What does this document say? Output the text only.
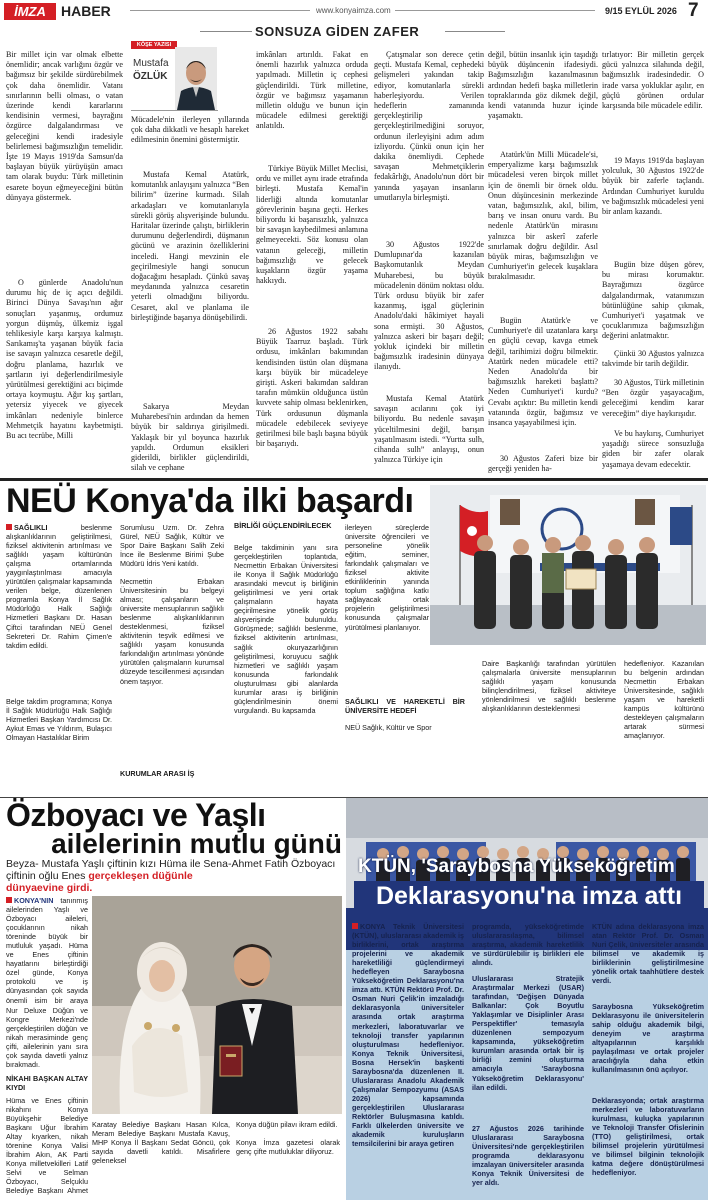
İMZA	HABER	www.konyaimza.com	9/15 EYLÜL 2026 7
SONSUZA GİDEN ZAFER
KÖŞE YAZISI
Mustafa
ÖZLÜK
Bir millet için var olmak elbette önemlidir; ancak varlığını özgür ve bağımsız bir şekilde sürdürebilmek çok daha önemlidir. Vatanı sınırlarının belli olması, o vatan üzerinde kendi kararlarını kendisinin vermesi, bayrağını özgürce dalgalandırması ve geleceğini kendi iradesiyle belirlemesi bağımsızlığın temelidir. İşte 19 Mayıs 1919'da Samsun'da başlayan büyük yürüyüşün amacı tam olarak buydu: Türk milletinin esarete boyun eğmeyeceğini bütün dünyaya göstermek.
O günlerde Anadolu'nun durumu hiç de iç açıcı değildi. Birinci Dünya Savaşı'nın ağır sonuçları yaşanmış, ordumuz yorgun düşmüş, ülkemiz işgal tehlikesiyle karşı karşıya kalmıştı. Sarıkamış'ta yaşanan büyük facia ise savaşın yalnızca cesaretle değil, doğru planlama, hazırlık ve şartların iyi değerlendirilmesiyle yürütülmesi gerektiğini acı biçimde ortaya koymuştu. Ağır kış şartları, yetersiz yiyecek ve giyecek imkânları nedeniyle binlerce Mehmetçik hayatını kaybetmişti. Bu acı tecrübe, Milli
Mücadele'nin ilerleyen yıllarında çok daha dikkatli ve hesaplı hareket edilmesinin önemini göstermiştir.
Mustafa Kemal Atatürk, komutanlık anlayışını yalnızca “Ben bilirim” üzerine kurmadı. Silah arkadaşları ve komutanlarıyla sürekli görüş alışverişinde bulundu. Haritalar üzerinde çalıştı, birliklerin durumunu değerlendirdi, düşmanın gücünü ve arazinin özelliklerini inceledi. Hangi mevzinin ele geçirilmesiyle hangi sonucun doğacağını hesapladı. Çünkü savaş meydanında yalnızca cesaretin yeterli olmadığını biliyordu. Cesaret, akıl ve planlama ile birleştiğinde başarıya dönüşebilirdi.
Sakarya Meydan Muharebesi'nin ardından da hemen büyük bir saldırıya girişilmedi. Yaklaşık bir yıl boyunca hazırlık yapıldı. Ordumun eksikleri giderildi, birlikler güçlendirildi, silah ve cephane
imkânları artırıldı. Fakat en önemli hazırlık yalnızca orduda yapılmadı. Milletin iç cephesi güçlendirildi. Türk milletine, özgür ve bağımsız yaşamanın milletin olduğu ve bunun için mücadele edilmesi gerektiği anlatıldı.
Türkiye Büyük Millet Meclisi, ordu ve millet aynı irade etrafında birleşti. Mustafa Kemal'in liderliği altında komutanlar görevlerinin başına geçti. Herkes biliyordu ki başarısızlık, yalnızca bir savaşın kaybedilmesi anlamına gelmeyecekti. Söz konusu olan vatanın geleceği, milletin bağımsızlığı ve gelecek kuşakların özgür yaşama hakkıydı.
26 Ağustos 1922 sabahı Büyük Taarruz başladı. Türk ordusu, imkânları bakımından kendisinden üstün olan düşmana karşı büyük bir mücadeleye girişti. Askeri bakımdan saldıran tarafın mümkün olduğunca üstün kuvvete sahip olması beklenirken, Türk ordusunun düşmanla mücadele edebilecek seviyeye getirilmesi bile başlı başına büyük bir başarıydı.
Çatışmalar son derece çetin geçti. Mustafa Kemal, cephedeki gelişmeleri yakından takip ediyor, komutanlarla sürekli haberleşiyordu. Verilen hedeflerin zamanında gerçekleştirilip gerçekleştirilmediğini soruyor, ordunun ilerleyişini adım adım izliyordu. Çünkü onun için her dakika önemliydi. Cephede savaşan Mehmetçiklerin fedakârlığı, Anadolu'nun dört bir yanında yaşayan insanların umutlarıyla birleşmişti.
30 Ağustos 1922'de Dumlupınar'da kazanılan Başkomutanlık Meydan Muharebesi, bu büyük mücadelenin dönüm noktası oldu. Türk ordusu büyük bir zafer kazanmış, işgal güçlerinin Anadolu'daki hâkimiyet hayali sona ermişti. 30 Ağustos, yalnızca askeri bir başarı değil; yokluk içindeki bir milletin bağımsızlık iradesinin dünyaya ilanıydı.
Mustafa Kemal Atatürk savaşın acılarını çok iyi biliyordu. Bu nedenle savaşın yüceltilmesini değil, barışın yaşatılmasını istedi. “Yurtta sulh, cihanda sulh” anlayışı, onun yalnızca Türkiye için
değil, bütün insanlık için taşıdığı büyük düşüncenin ifadesiydi. Bağımsızlığın kazanılmasının ardından hedefi başka milletlerin topraklarında göz dikmek değil, kendi vatanında huzur içinde yaşamaktı.
Atatürk'ün Milli Mücadele'si, emperyalizme karşı bağımsızlık mücadelesi veren birçok millet için de önemli bir örnek oldu. Onun düşüncesinin merkezinde vatan, bağımsızlık, akıl, bilim, barış ve insan onuru vardı. Bu nedenle Atatürk'ün mirasını yalnızca bir askerî zaferle sınırlamak doğru değildir. Asıl büyük miras, bağımsızlığın ve Cumhuriyet'in gelecek kuşaklara bırakılmasıdır.
Bugün Atatürk'e ve Cumhuriyet'e dil uzatanlara karşı en güçlü cevap, kavga etmek değil, tarihimizi doğru bilmektir. Atatürk neden mücadele etti? Neden Anadolu'da bir bağımsızlık hareketi başlattı? Neden Cumhuriyet'i kurdu? Cevabı açıktır: Bu milletin kendi vatanında özgür, bağımsız ve insanca yaşayabilmesi için.
30 Ağustos Zaferi bize bir gerçeği yeniden ha-
tırlatıyor: Bir milletin gerçek gücü yalnızca silahında değil, bağımsızlık iradesindedir. O irade varsa yokluklar aşılır, en güçlü görünen ordular karşısında bile mücadele edilir.
19 Mayıs 1919'da başlayan yolculuk, 30 Ağustos 1922'de büyük bir zaferle taçlandı. Ardından Cumhuriyet kuruldu ve bağımsızlık mücadelesi yeni bir anlam kazandı.
Bugün bize düşen görev, bu mirası korumaktır. Bayrağımızı özgürce dalgalandırmak, vatanımızın bütünlüğüne sahip çıkmak, Cumhuriyet'i yaşatmak ve çocuklarımıza bağımsızlığın değerini anlatmaktır.
Çünkü 30 Ağustos yalnızca takvimde bir tarih değildir.
30 Ağustos, Türk milletinin “Ben özgür yaşayacağım, geleceğimi kendim karar vereceğim” diye haykırışıdır.
Ve bu haykırış, Cumhuriyet yaşadığı sürece sonsuzluğa giden bir zafer olarak yaşamaya devam edecektir.
NEÜ Konya'da ilki başardı
SAĞLIKLI	beslenme alışkanlıklarının geliştirilmesi, fiziksel aktivitenin artırılması ve sağlıklı yaşam kültürünün çalışma ortamlarında yaygınlaştırılması amacıyla yürütülen çalışmalar kapsamında verilen belge, düzenlenen programla Konya İl Sağlık Müdürlüğü Halk Sağlığı Hizmetleri Başkanı Dr. Hasan Çiftci tarafından NEÜ Genel Sekreteri Dr. Rahim Çimen'e takdim edildi.
Belge takdim programına; Konya İl Sağlık Müdürlüğü Halk Sağlığı Hizmetleri Başkan Yardımcısı Dr. Aykut Emas ve Yıldırım, Bulaşıcı Olmayan Hastalıklar Birim
Sorumlusu Uzm. Dr. Zehra Gürel, NEÜ Sağlık, Kültür ve Spor Daire Başkanı Salih Zeki İnce ile Beslenme Birimi Şube Müdürü İdris Yeni katıldı.
Necmettin Erbakan Üniversitesinin bu belgeyi alması; çalışanların ve üniversite mensuplarının sağlıklı beslenme alışkanlıklarının desteklenmesi, fiziksel aktivitenin teşvik edilmesi ve sağlıklı yaşam konusunda farkındalığın artırılması yönünde yürütülen çalışmaların kurumsal düzeyde tescillenmesi açısından önem taşıyor.
KURUMLAR ARASI İŞ
BİRLİĞİ GÜÇLENDİRİLECEK
Belge takdiminin yanı sıra gerçekleştirilen toplantıda, Necmettin Erbakan Üniversitesi ile Konya İl Sağlık Müdürlüğü arasındaki mevcut iş birliğinin geliştirilmesi ve yeni ortak çalışmaların hayata geçirilmesine yönelik görüş alışverişinde bulunuldu. Görüşmede; sağlıklı beslenme, fiziksel aktivitenin artırılması, sağlık okuryazarlığının geliştirilmesi, koruyucu sağlık hizmetleri ve sağlıklı yaşam konusunda farkındalık oluşturulması gibi alanlarda kurumlar arası iş birliğinin güçlendirilmesinin önemi vurgulandı. Bu kapsamda
ilerleyen süreçlerde üniversite öğrencileri ve personeline yönelik eğitim, seminer, farkındalık çalışmaları ve fiziksel aktivite etkinliklerinin yanında toplum sağlığına katkı sağlayacak ortak projelerin geliştirilmesi konusunda çalışmalar yürütülmesi planlanıyor.
SAĞLIKLI VE HAREKETLİ BİR ÜNİVERSİTE HEDEFİ
NEÜ Sağlık, Kültür ve Spor
Daire Başkanlığı tarafından yürütülen çalışmalarla üniversite mensuplarının sağlıklı yaşam konusunda bilinçlendirilmesi, fiziksel aktiviteye yönlendirilmesi ve sağlıklı beslenme alışkanlıklarının desteklenmesi
hedefleniyor. Kazanılan bu belgenin ardından Necmettin Erbakan Üniversitesinde, sağlıklı yaşam ve hareketli kampüs kültürünü destekleyen çalışmaların artarak sürmesi amaçlanıyor.
Özboyacı ve Yaşlı
ailelerinin mutlu günü
Beyza- Mustafa Yaşlı çiftinin kızı Hüma ile Sena-Ahmet Fatih Özboyacı çiftinin oğlu Enes gerçekleşen düğünle
dünyaevine girdi.
KONYA'NIN tanınmış ailelerinden Yaşlı ve Özboyacı aileleri, çocuklarının nikah töreninde büyük bir mutluluk yaşadı. Hüma ve Enes çiftinin hayatlarını birleştirdiği özel günde, Konya protokolü ve iş dünyasından çok sayıda önemli isim bir araya
Nur Deluxe Düğün ve Kongre Merkezi'nde gerçekleştirilen düğün ve nikah merasiminde genç çifti, ailelerinin yanı sıra çok sayıda davetli yalnız bırakmadı.
NİKAHI BAŞKAN ALTAY KIYDI
Hüma ve Enes çiftinin nikahını Konya Büyükşehir Belediye Başkanı Uğur İbrahim Altay kıyarken, nikah törenine Konya Valisi İbrahim Akın, AK Parti Konya milletvekilleri Latif Selvi ve Selman Özboyacı, Selçuklu Belediye Başkanı Ahmet
Karatay Belediye Başkanı Hasan Kılca, Meram Belediye Başkanı Mustafa Kavuş, MHP Konya İl Başkanı Sedat Göncü, çok sayıda davetli katıldı. Misafirlere geleneksel
Konya düğün pilavı ikram edildi.

Konya İmza gazetesi olarak genç çifte mutluluklar diliyoruz.
KTÜN, 'Saraybosna Yükseköğretim
Deklarasyonu'na imza attı
KONYA Teknik Üniversitesi (KTÜN), uluslararası akademik iş birliklerini, ortak araştırma projelerini ve akademik hareketliliği güçlendirmeyi hedefleyen Saraybosna Yükseköğretim Deklarasyonu'na imza attı. KTÜN Rektörü Prof. Dr. Osman Nuri Çelik'in imzaladığı deklarasyonla üniversiteler arasında ortak araştırma merkezleri, laboratuvarlar ve teknoloji transfer yapılarının oluşturulması hedefleniyor. Konya Teknik Üniversitesi, Bosna Hersek'in başkenti Saraybosna'da düzenlenen II. Uluslararası Anadolu Akademik Çalışmalar Sempozyumu (ASAS 2026) kapsamında gerçekleştirilen Uluslararası Rektörler Buluşmasına katıldı. Farklı ülkelerden üniversite ve akademik kuruluşların temsilcilerini bir araya getiren
programda, yükseköğretimde uluslararasılaşma, bilimsel araştırma, akademik hareketlilik ve sürdürülebilir iş birlikleri ele alındı.
Uluslararası Stratejik Araştırmalar Merkezi (USAR) tarafından, 'Değişen Dünyada Balkanlar: Çok Boyutlu Yaklaşımlar ve Disiplinler Arası Perspektifler' temasıyla düzenlenen sempozyum kapsamında, yükseköğretim kurumları arasında ortak bir iş birliği zemini oluşturma amacıyla 'Saraybosna Yükseköğretim Deklarasyonu' ilan edildi.
27 Ağustos 2026 tarihinde Uluslararası Saraybosna Üniversitesi'nde gerçekleştirilen programda deklarasyonu imzalayan üniversiteler arasında Konya Teknik Üniversitesi de yer aldı.
KTÜN adına deklarasyona imza atan Rektör Prof. Dr. Osman Nuri Çelik, üniversiteler arasında bilimsel ve akademik iş birliklerinin geliştirilmesine yönelik ortak taahhütlere destek verdi.
Saraybosna Yükseköğretim Deklarasyonu ile üniversitelerin sahip olduğu akademik bilgi, deneyim ve araştırma altyapılarının karşılıklı paylaşılması ve ortak projeler aracılığıyla daha etkin kullanılmasının önü açılıyor.
Deklarasyonda; ortak araştırma merkezleri ve laboratuvarların kurulması, kuluçka yapılarının ve Teknoloji Transfer Ofislerinin (TTO) geliştirilmesi, ortak bilimsel projelerin yürütülmesi ve bilimsel bilginin teknolojik katma değere dönüştürülmesi hedefleniyor.
